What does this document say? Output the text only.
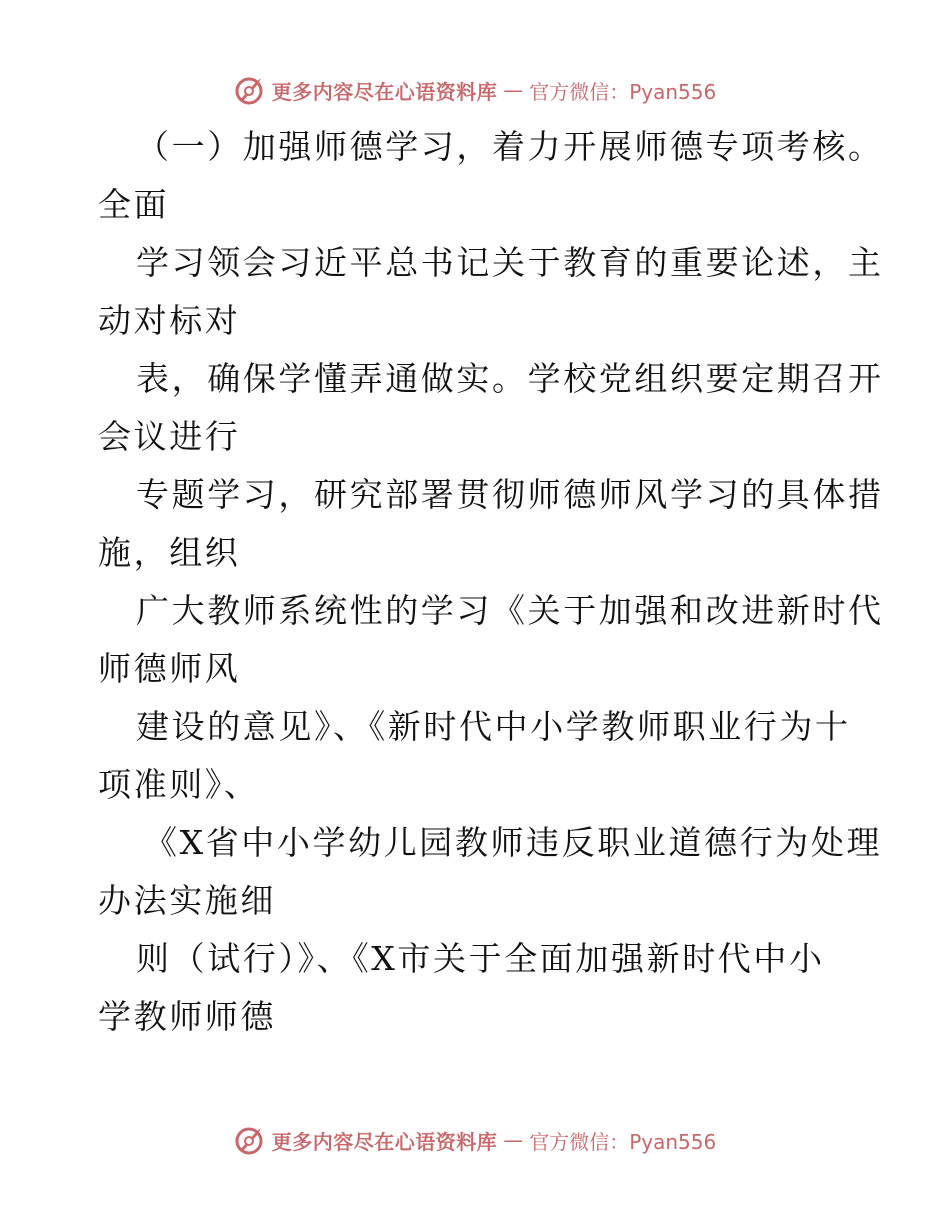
更多内容尽在心语资料库 — 官方微信：Pyan556
（一）加强师德学习，着力开展师德专项考核。
全面
学习领会习近平总书记关于教育的重要论述，主
动对标对
表，确保学懂弄通做实。学校党组织要定期召开
会议进行
专题学习，研究部署贯彻师德师风学习的具体措
施，组织
广大教师系统性的学习《关于加强和改进新时代
师德师风
建设的意见》、《新时代中小学教师职业行为十
项准则》、
《X省中小学幼儿园教师违反职业道德行为处理
办法实施细
则（试行）》、《X市关于全面加强新时代中小
学教师师德
更多内容尽在心语资料库 — 官方微信：Pyan556
